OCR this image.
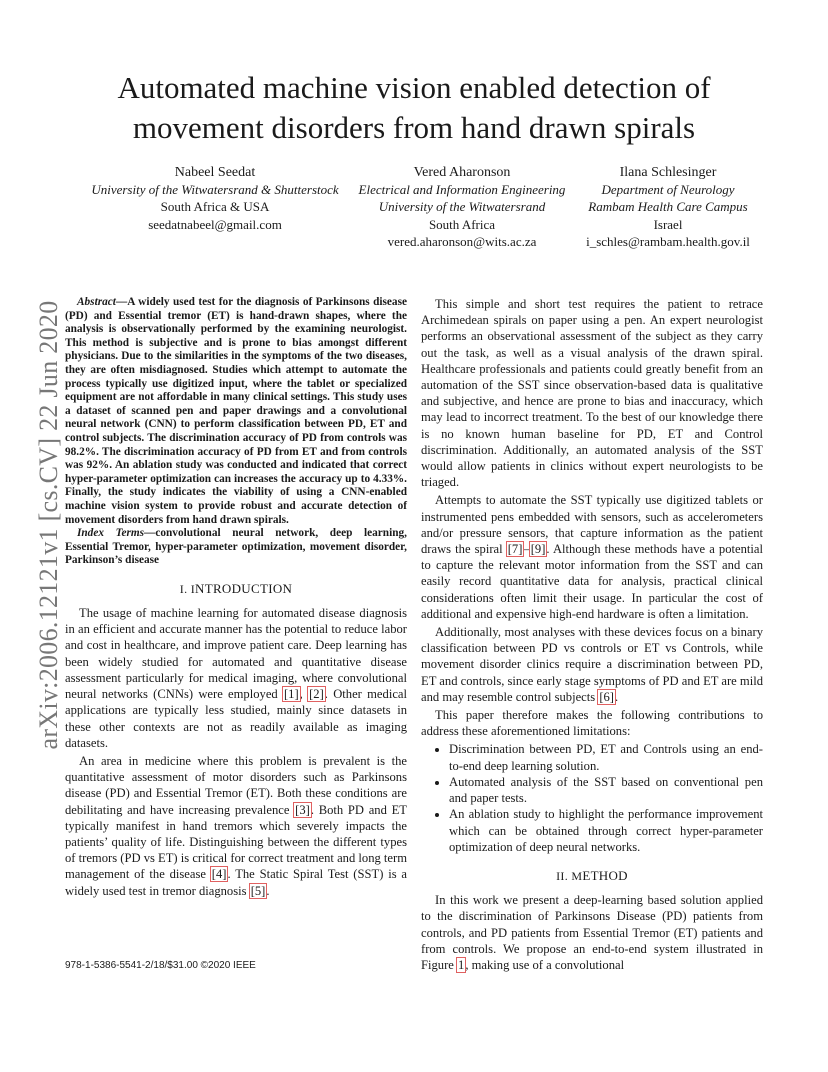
Automated machine vision enabled detection of
movement disorders from hand drawn spirals
Nabeel Seedat
University of the Witwatersrand & Shutterstock
South Africa & USA
seedatnabeel@gmail.com
Vered Aharonson
Electrical and Information Engineering
University of the Witwatersrand
South Africa
vered.aharonson@wits.ac.za
Ilana Schlesinger
Department of Neurology
Rambam Health Care Campus
Israel
i_schles@rambam.health.gov.il
arXiv:2006.12121v1 [cs.CV] 22 Jun 2020	Abstract—A widely used test for the diagnosis of Parkinsons disease (PD) and Essential tremor (ET) is hand-drawn shapes, where the analysis is observationally performed by the examining neurologist. This method is subjective and is prone to bias amongst different physicians. Due to the similarities in the symptoms of the two diseases, they are often misdiagnosed. Studies which attempt to automate the process typically use digitized input, where the tablet or specialized equipment are not affordable in many clinical settings. This study uses a dataset of scanned pen and paper drawings and a convolutional neural network (CNN) to perform classification between PD, ET and control subjects. The discrimination accuracy of PD from controls was 98.2%. The discrimination accuracy of PD from ET and from controls was 92%. An ablation study was conducted and indicated that correct hyper-parameter optimization can increases the accuracy up to 4.33%. Finally, the study indicates the viability of using a CNN-enabled machine vision system to provide robust and accurate detection of movement disorders from hand drawn spirals.

Index Terms—convolutional neural network, deep learning, Essential Tremor, hyper-parameter optimization, movement disorder, Parkinson’s disease

I. INTRODUCTION

The usage of machine learning for automated disease diagnosis in an efficient and accurate manner has the potential to reduce labor and cost in healthcare, and improve patient care. Deep learning has been widely studied for automated and quantitative disease assessment particularly for medical imaging, where convolutional neural networks (CNNs) were employed [1], [2]. Other medical applications are typically less studied, mainly since datasets in these other contexts are not as readily available as imaging datasets.

An area in medicine where this problem is prevalent is the quantitative assessment of motor disorders such as Parkinsons disease (PD) and Essential Tremor (ET). Both these conditions are debilitating and have increasing prevalence [3]. Both PD and ET typically manifest in hand tremors which severely impacts the patients’ quality of life. Distinguishing between the different types of tremors (PD vs ET) is critical for correct treatment and long term management of the disease [4]. The Static Spiral Test (SST) is a widely used test in tremor diagnosis [5].

This simple and short test requires the patient to retrace Archimedean spirals on paper using a pen. An expert neurologist performs an observational assessment of the subject as they carry out the task, as well as a visual analysis of the drawn spiral. Healthcare professionals and patients could greatly benefit from an automation of the SST since observation-based data is qualitative and subjective, and hence are prone to bias and inaccuracy, which may lead to incorrect treatment. To the best of our knowledge there is no known human baseline for PD, ET and Control discrimination. Additionally, an automated analysis of the SST would allow patients in clinics without expert neurologists to be triaged.

Attempts to automate the SST typically use digitized tablets or instrumented pens embedded with sensors, such as accelerometers and/or pressure sensors, that capture information as the patient draws the spiral [7]–[9]. Although these methods have a potential to capture the relevant motor information from the SST and can easily record quantitative data for analysis, practical clinical considerations often limit their usage. In particular the cost of additional and expensive high-end hardware is often a limitation.

Additionally, most analyses with these devices focus on a binary classification between PD vs controls or ET vs Controls, while movement disorder clinics require a discrimination between PD, ET and controls, since early stage symptoms of PD and ET are mild and may resemble control subjects [6].

This paper therefore makes the following contributions to address these aforementioned limitations:

• Discrimination between PD, ET and Controls using an end-to-end deep learning solution.
• Automated analysis of the SST based on conventional pen and paper tests.
• An ablation study to highlight the performance improvement which can be obtained through correct hyper-parameter optimization of deep neural networks.
II. METHOD

In this work we present a deep-learning based solution applied to the discrimination of Parkinsons Disease (PD) patients from controls, and PD patients from Essential Tremor (ET) patients and from controls. We propose an end-to-end system illustrated in Figure 1, making use of a convolutional

978-1-5386-5541-2/18/$31.00 ©2020 IEEE
